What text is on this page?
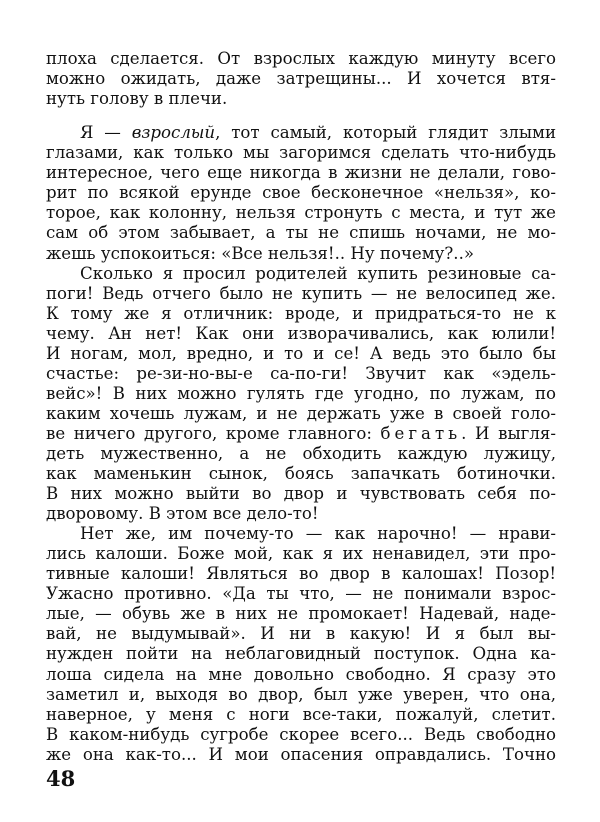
плоха сделается. От взрослых каждую минуту всего
можно ожидать, даже затрещины... И хочется втя-
нуть голову в плечи.
Я — взрослый, тот самый, который глядит злыми
глазами, как только мы загоримся сделать что-нибудь
интересное, чего еще никогда в жизни не делали, гово-
рит по всякой ерунде свое бесконечное «нельзя», ко-
торое, как колонну, нельзя стронуть с места, и тут же
сам об этом забывает, а ты не спишь ночами, не мо-
жешь успокоиться: «Все нельзя!.. Ну почему?..»
Сколько я просил родителей купить резиновые са-
поги! Ведь отчего было не купить — не велосипед же.
К тому же я отличник: вроде, и придраться-то не к
чему. Ан нет! Как они изворачивались, как юлили!
И ногам, мол, вредно, и то и се! А ведь это было бы
счастье: ре-зи-но-вы-е са-по-ги! Звучит как «эдель-
вейс»! В них можно гулять где угодно, по лужам, по
каким хочешь лужам, и не держать уже в своей голо-
ве ничего другого, кроме главного: бегать. И выгля-
деть мужественно, а не обходить каждую лужицу,
как маменькин сынок, боясь запачкать ботиночки.
В них можно выйти во двор и чувствовать себя по-
дворовому. В этом все дело-то!
Нет же, им почему-то — как нарочно! — нрави-
лись калоши. Боже мой, как я их ненавидел, эти про-
тивные калоши! Являться во двор в калошах! Позор!
Ужасно противно. «Да ты что, — не понимали взрос-
лые, — обувь же в них не промокает! Надевай, наде-
вай, не выдумывай». И ни в какую! И я был вы-
нужден пойти на неблаговидный поступок. Одна ка-
лоша сидела на мне довольно свободно. Я сразу это
заметил и, выходя во двор, был уже уверен, что она,
наверное, у меня с ноги все-таки, пожалуй, слетит.
В каком-нибудь сугробе скорее всего... Ведь свободно
же она как-то... И мои опасения оправдались. Точно
48
